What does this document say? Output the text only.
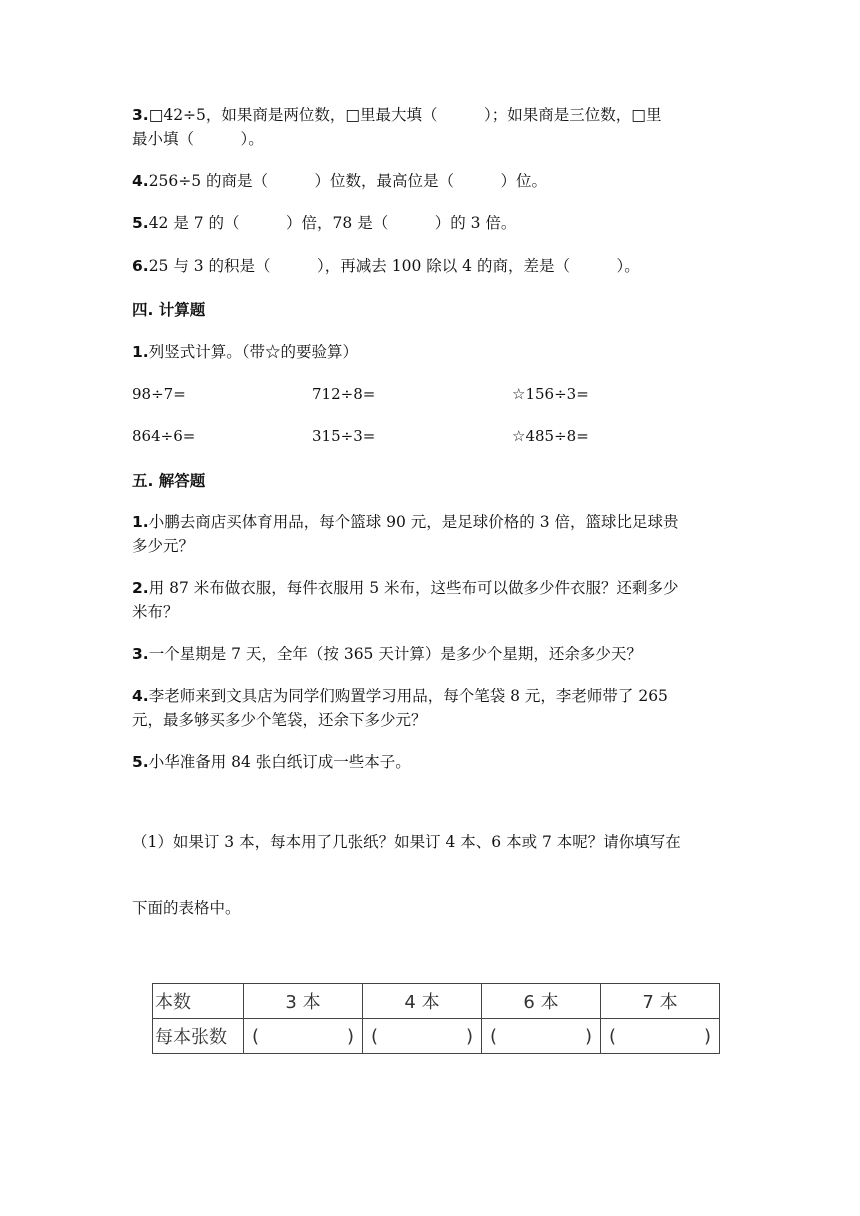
3.□42÷5，如果商是两位数，□里最大填（　　　）；如果商是三位数，□里
最小填（　　　）。
4.256÷5 的商是（　　　）位数，最高位是（　　　）位。
5.42 是 7 的（　　　）倍，78 是（　　　）的 3 倍。
6.25 与 3 的积是（　　　），再减去 100 除以 4 的商，差是（　　　）。
四. 计算题
1.列竖式计算。（带☆的要验算）
98÷7=	712÷8=	☆156÷3=
864÷6=	315÷3=	☆485÷8=
五. 解答题
1.小鹏去商店买体育用品，每个篮球 90 元，是足球价格的 3 倍，篮球比足球贵
多少元？
2.用 87 米布做衣服，每件衣服用 5 米布，这些布可以做多少件衣服？还剩多少
米布？
3.一个星期是 7 天，全年（按 365 天计算）是多少个星期，还余多少天？
4.李老师来到文具店为同学们购置学习用品，每个笔袋 8 元，李老师带了 265
元，最多够买多少个笔袋，还余下多少元？
5.小华准备用 84 张白纸订成一些本子。
（1）如果订 3 本，每本用了几张纸？如果订 4 本、6 本或 7 本呢？请你填写在
下面的表格中。
本数	3 本	4 本	6 本	7 本
每本张数	( )	( )	( )	( )
